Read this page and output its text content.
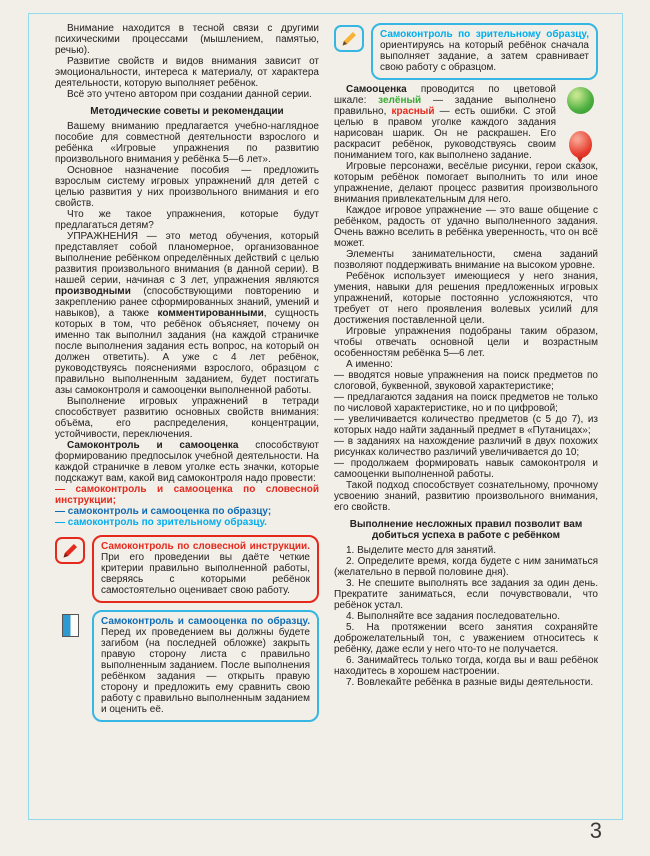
Внимание находится в тесной связи с другими психическими процессами (мышлением, памятью, речью).

Развитие свойств и видов внимания зависит от эмоциональности, интереса к материалу, от характера деятельности, которую выполняет ребёнок.

Всё это учтено автором при создании данной серии.

Методические советы и рекомендации

Вашему вниманию предлагается учебно-наглядное пособие для совместной деятельности взрослого и ребёнка «Игровые упражнения по развитию произвольного внимания у ребёнка 5—6 лет».

Основное назначение пособия — предложить взрослым систему игровых упражнений для детей с целью развития у них произвольного внимания и его свойств.

Что же такое упражнения, которые будут предлагаться детям?

УПРАЖНЕНИЯ — это метод обучения, который представляет собой планомерное, организованное выполнение ребёнком определённых действий с целью развития произвольного внимания (в данной серии). В нашей серии, начиная с 3 лет, упражнения являются производными (способствующими повторению и закреплению ранее сформированных знаний, умений и навыков), а также комментированными, сущность которых в том, что ребёнок объясняет, почему он именно так выполнил задания (на каждой страничке после выполнения задания есть вопрос, на который он должен ответить). А уже с 4 лет ребёнок, руководствуясь пояснениями взрослого, образцом с правильно выполненным заданием, будет постигать азы самоконтроля и самооценки выполненной работы.

Выполнение игровых упражнений в тетради способствует развитию основных свойств внимания: объёма, его распределения, концентрации, устойчивости, переключения.

Самоконтроль и самооценка способствуют формированию предпосылок учебной деятельности. На каждой страничке в левом уголке есть значки, которые подскажут вам, какой вид самоконтроля надо провести:

— самоконтроль и самооценка по словесной инструкции;

— самоконтроль и самооценка по образцу;

— самоконтроль по зрительному образцу.

Самоконтроль по словесной инструкции. При его проведении вы даёте четкие критерии правильно выполненной работы, сверяясь с которыми ребёнок самостоятельно оценивает свою работу.
Самоконтроль и самооценка по образцу. Перед их проведением вы должны будете загибом (на последней обложке) закрыть правую сторону листа с правильно выполненным заданием. После выполнения ребёнком задания — открыть правую сторону и предложить ему сравнить свою работу с правильно выполненным заданием и оценить её.
Самоконтроль по зрительному образцу, ориентируясь на который ребёнок сначала выполняет задание, а затем сравнивает свою работу с образцом.

Самооценка проводится по цветовой шкале: зелёный — задание выполнено правильно, красный — есть ошибки. С этой целью в правом уголке каждого задания нарисован шарик. Он не раскрашен. Его раскрасит ребёнок, руководствуясь своим пониманием того, как выполнено задание.

Игровые персонажи, весёлые рисунки, герои сказок, которым ребёнок помогает выполнить то или иное упражнение, делают процесс развития произвольного внимания привлекательным для него.

Каждое игровое упражнение — это ваше общение с ребёнком, радость от удачно выполненного задания. Очень важно вселить в ребёнка уверенность, что он всё может.

Элементы занимательности, смена заданий позволяют поддерживать внимание на высоком уровне.

Ребёнок использует имеющиеся у него знания, умения, навыки для решения предложенных игровых упражнений, которые постоянно усложняются, что требует от него проявления волевых усилий для достижения поставленной цели.

Игровые упражнения подобраны таким образом, чтобы отвечать основной цели и возрастным особенностям ребёнка 5—6 лет.

А именно:

— вводятся новые упражнения на поиск предметов по слоговой, буквенной, звуковой характеристике;

— предлагаются задания на поиск предметов не только по числовой характеристике, но и по цифровой;

— увеличивается количество предметов (с 5 до 7), из которых надо найти заданный предмет в «Путаницах»;

— в заданиях на нахождение различий в двух похожих рисунках количество различий увеличивается до 10;

— продолжаем формировать навык самоконтроля и самооценки выполненной работы.

Такой подход способствует сознательному, прочному усвоению знаний, развитию произвольного внимания, его свойств.

Выполнение несложных правил позволит вам добиться успеха в работе с ребёнком

1. Выделите место для занятий.

2. Определите время, когда будете с ним заниматься (желательно в первой половине дня).

3. Не спешите выполнять все задания за один день. Прекратите заниматься, если почувствовали, что ребёнок устал.

4. Выполняйте все задания последовательно.

5. На протяжении всего занятия сохраняйте доброжелательный тон, с уважением относитесь к ребёнку, даже если у него что-то не получается.

6. Занимайтесь только тогда, когда вы и ваш ребёнок находитесь в хорошем настроении.

7. Вовлекайте ребёнка в разные виды деятельности.

3
